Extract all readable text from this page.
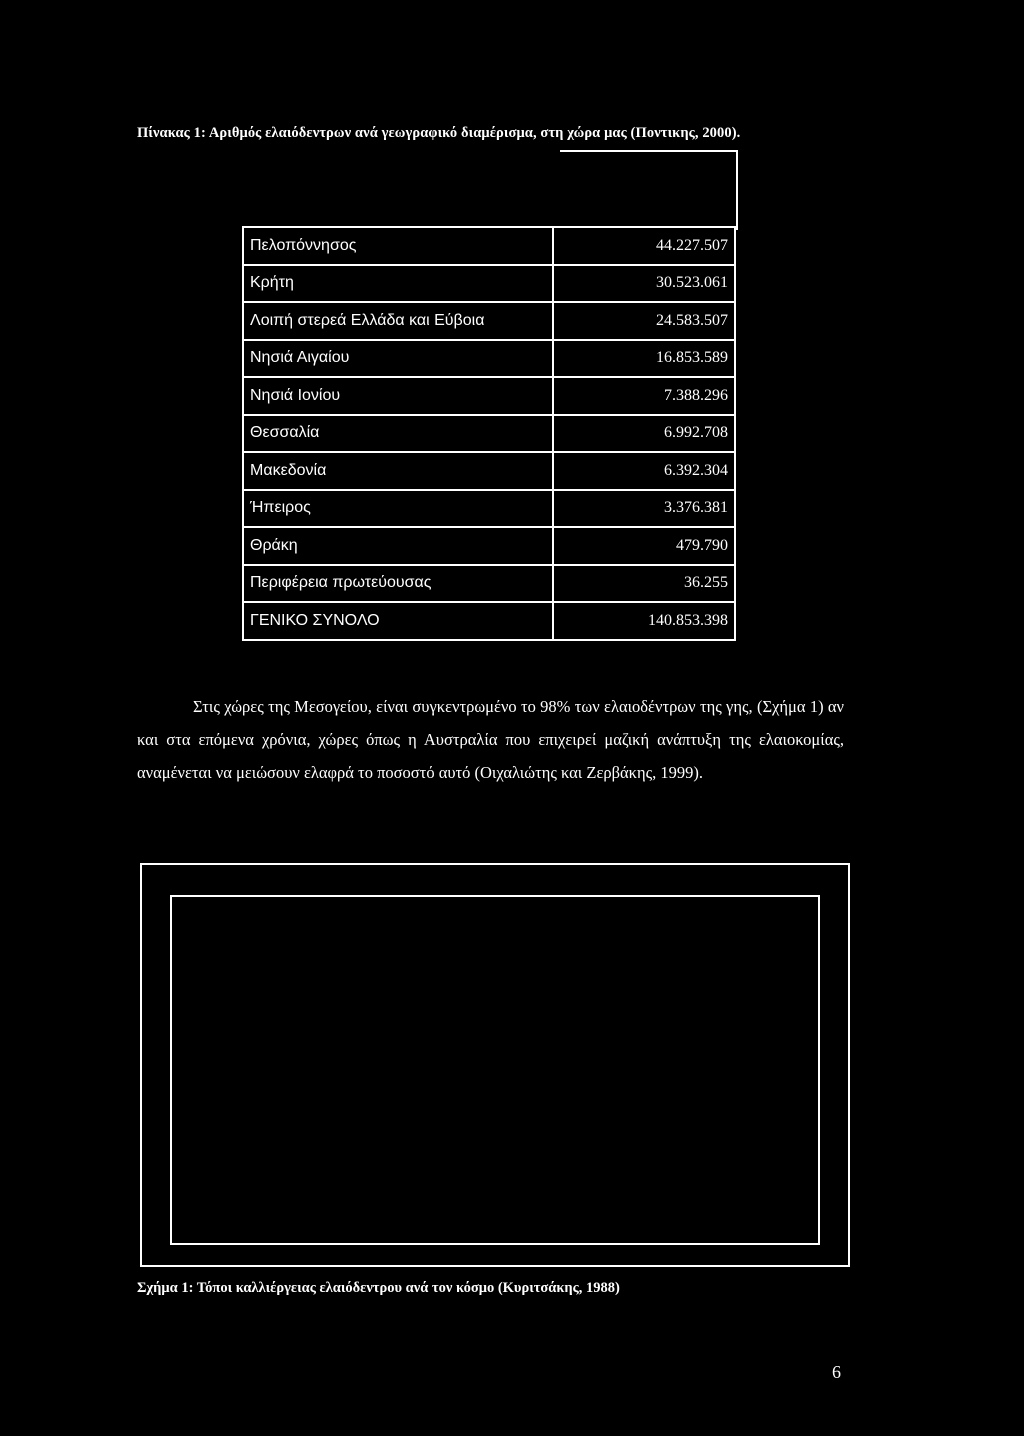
Πίνακας 1: Αριθμός ελαιόδεντρων ανά γεωγραφικό διαμέρισμα, στη χώρα μας (Ποντικης, 2000).
Πελοπόννησος	44.227.507
Κρήτη	30.523.061
Λοιπή στερεά Ελλάδα και Εύβοια	24.583.507
Νησιά Αιγαίου	16.853.589
Νησιά Ιονίου	7.388.296
Θεσσαλία	6.992.708
Μακεδονία	6.392.304
Ήπειρος	3.376.381
Θράκη	479.790
Περιφέρεια πρωτεύουσας	36.255
ΓΕΝΙΚΟ ΣΥΝΟΛΟ	140.853.398

Στις χώρες της Μεσογείου, είναι συγκεντρωμένο το 98% των ελαιοδέντρων της γης, (Σχήμα 1) αν και στα επόμενα χρόνια, χώρες όπως η Αυστραλία που επιχειρεί μαζική ανάπτυξη της ελαιοκομίας, αναμένεται να μειώσουν ελαφρά το ποσοστό αυτό (Οιχαλιώτης και Ζερβάκης, 1999).

Σχήμα 1: Τόποι καλλιέργειας ελαιόδεντρου ανά τον κόσμο (Κυριτσάκης, 1988)
6
